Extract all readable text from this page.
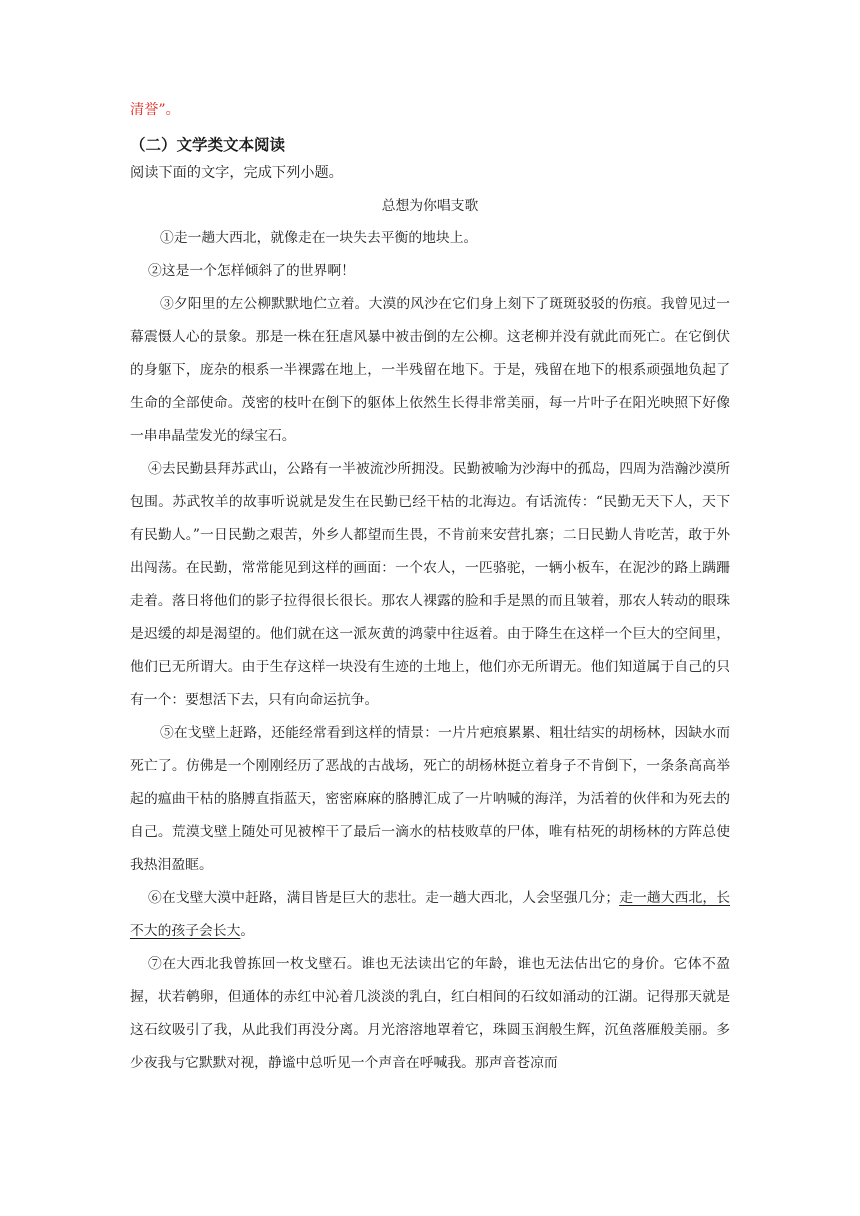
清誉”。

（二）文学类文本阅读
阅读下面的文字，完成下列小题。
总想为你唱支歌

①走一趟大西北，就像走在一块失去平衡的地块上。

②这是一个怎样倾斜了的世界啊！

③夕阳里的左公柳默默地伫立着。大漠的风沙在它们身上刻下了斑斑驳驳的伤痕。我曾见过一幕震慑人心的景象。那是一株在狂虐风暴中被击倒的左公柳。这老柳并没有就此而死亡。在它倒伏的身躯下，庞杂的根系一半裸露在地上，一半残留在地下。于是，残留在地下的根系顽强地负起了生命的全部使命。茂密的枝叶在倒下的躯体上依然生长得非常美丽，每一片叶子在阳光映照下好像一串串晶莹发光的绿宝石。

④去民勤县拜苏武山，公路有一半被流沙所拥没。民勤被喻为沙海中的孤岛，四周为浩瀚沙漠所包围。苏武牧羊的故事听说就是发生在民勤已经干枯的北海边。有话流传：“民勤无天下人，天下有民勤人。”一日民勤之艰苦，外乡人都望而生畏，不肯前来安营扎寨；二日民勤人肯吃苦，敢于外出闯荡。在民勤，常常能见到这样的画面：一个农人，一匹骆驼，一辆小板车，在泥沙的路上蹒跚走着。落日将他们的影子拉得很长很长。那农人裸露的脸和手是黑的而且皱着，那农人转动的眼珠是迟缓的却是渴望的。他们就在这一派灰黄的鸿蒙中往返着。由于降生在这样一个巨大的空间里，他们已无所谓大。由于生存这样一块没有生迹的土地上，他们亦无所谓无。他们知道属于自己的只有一个：要想活下去，只有向命运抗争。

⑤在戈壁上赶路，还能经常看到这样的情景：一片片疤痕累累、粗壮结实的胡杨林，因缺水而死亡了。仿佛是一个刚刚经历了恶战的古战场，死亡的胡杨林挺立着身子不肯倒下，一条条高高举起的瘟曲干枯的胳膊直指蓝天，密密麻麻的胳膊汇成了一片呐喊的海洋，为活着的伙伴和为死去的自己。荒漠戈壁上随处可见被榨干了最后一滴水的枯枝败草的尸体，唯有枯死的胡杨林的方阵总使我热泪盈眶。

⑥在戈壁大漠中赶路，满目皆是巨大的悲壮。走一趟大西北，人会坚强几分；走一趟大西北，长不大的孩子会长大。

⑦在大西北我曾拣回一枚戈壁石。谁也无法读出它的年龄，谁也无法估出它的身价。它体不盈握，状若鹌卵，但通体的赤红中沁着几淡淡的乳白，红白相间的石纹如涌动的江湖。记得那天就是这石纹吸引了我，从此我们再没分离。月光溶溶地罩着它，珠圆玉润般生辉，沉鱼落雁般美丽。多少夜我与它默默对视，静谧中总听见一个声音在呼喊我。那声音苍凉而
